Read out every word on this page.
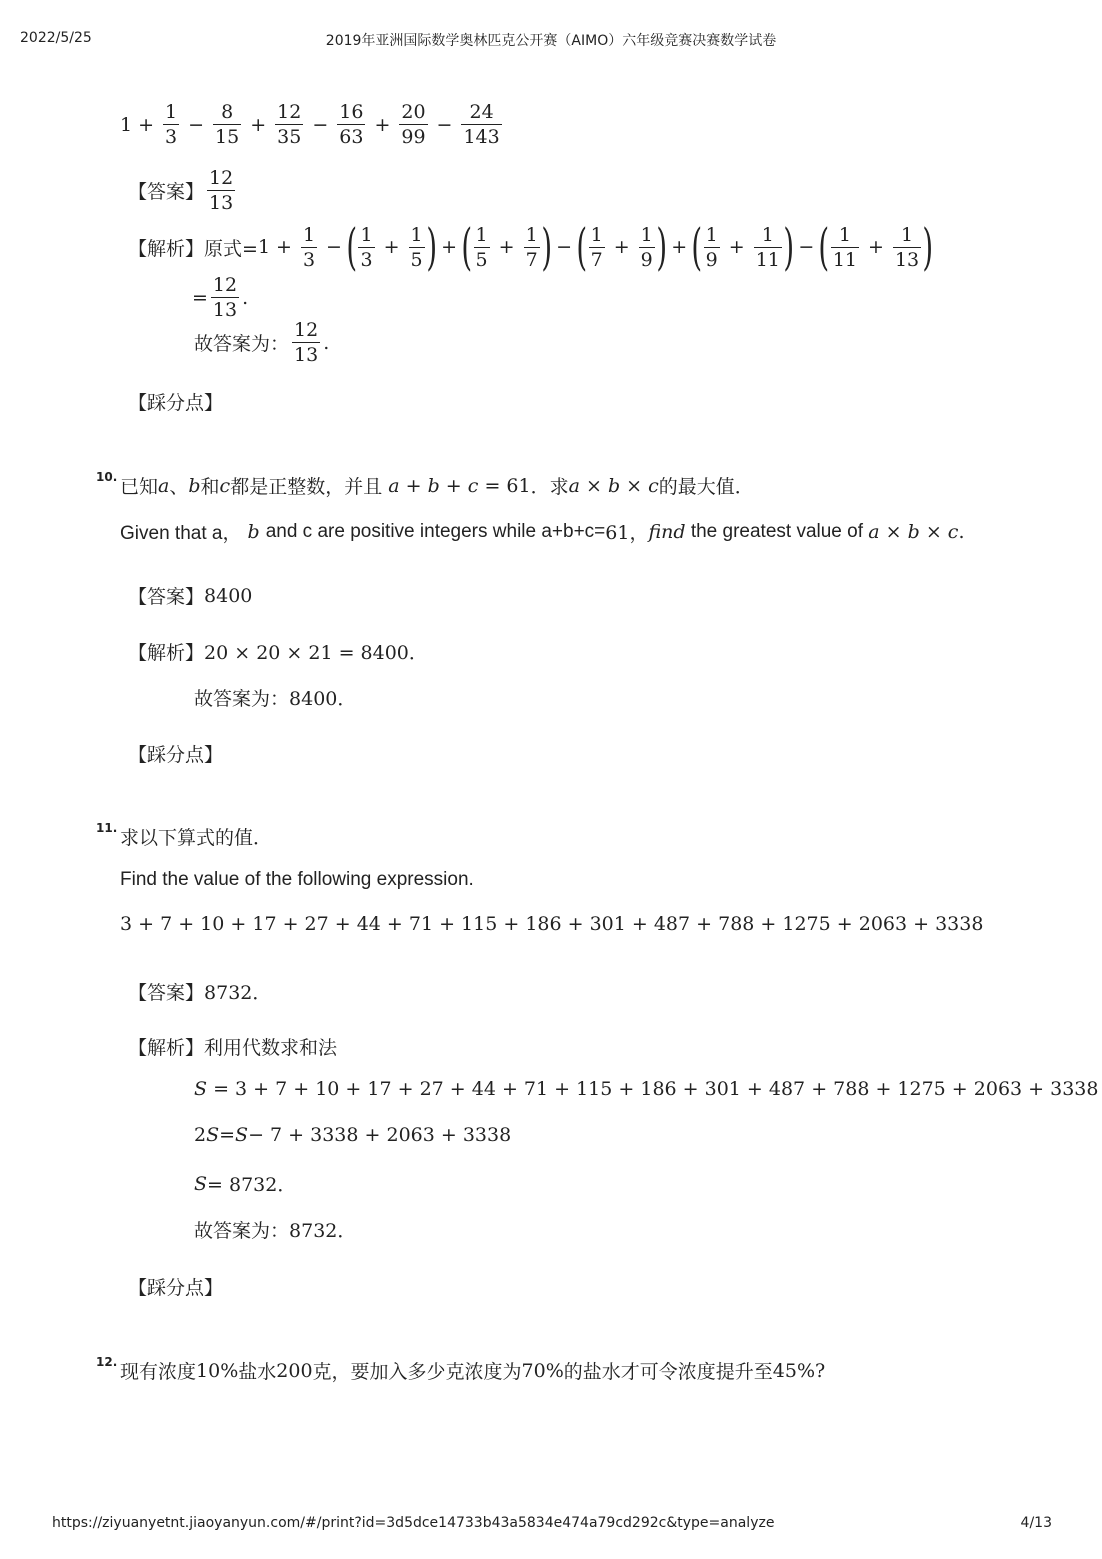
2022/5/25	2019年亚洲国际数学奥林匹克公开赛（AIMO）六年级竞赛决赛数学试卷
$1 + \frac{1}{3} - \frac{8}{15} + \frac{12}{35} - \frac{16}{63} + \frac{20}{99} - \frac{24}{143}$
【答案】 $\frac{12}{13}$
【解析】 原式= $1 + \frac{1}{3}$ − ( $\frac{1}{3} + \frac{1}{5}$ ) + ( $\frac{1}{5} + \frac{1}{7}$ ) − ( $\frac{1}{7} + \frac{1}{9}$ ) + ( $\frac{1}{9} + \frac{1}{11}$ ) − ( $\frac{1}{11} + \frac{1}{13}$ )
= $\frac{12}{13}$ .
故答案为： $\frac{12}{13}$ .
【踩分点】
10. 已知 a 、 b 和 c 都是正整数，并且 a + b + c = 61 ．求 a × b × c 的最大值．
Given that a， b and c are positive integers while a+b+c= 61， find
the greatest value of
a × b × c.
【答案】 8400
【解析】 20 × 20 × 21 = 8400．
故答案为： 8400．
【踩分点】
11. 求以下算式的值．
Find the value of the following expression.
3 + 7 + 10 + 17 + 27 + 44 + 71 + 115 + 186 + 301 + 487 + 788 + 1275 + 2063 + 3338
【答案】 8732．
【解析】 利用代数求和法
S
= 3 + 7 + 10 + 17 + 27 + 44 + 71 + 115 + 186 + 301 + 487 + 788 + 1275 + 2063 + 3338
2 S = S − 7 + 3338 + 2063 + 3338
S = 8732．
故答案为： 8732．
【踩分点】
12. 现有浓度 10% 盐水 200 克，要加入多少克浓度为 70% 的盐水才可令浓度提升至 45% ?
https://ziyuanyetnt.jiaoyanyun.com/#/print?id=3d5dce14733b43a5834e474a79cd292c&type=analyze	4/13
